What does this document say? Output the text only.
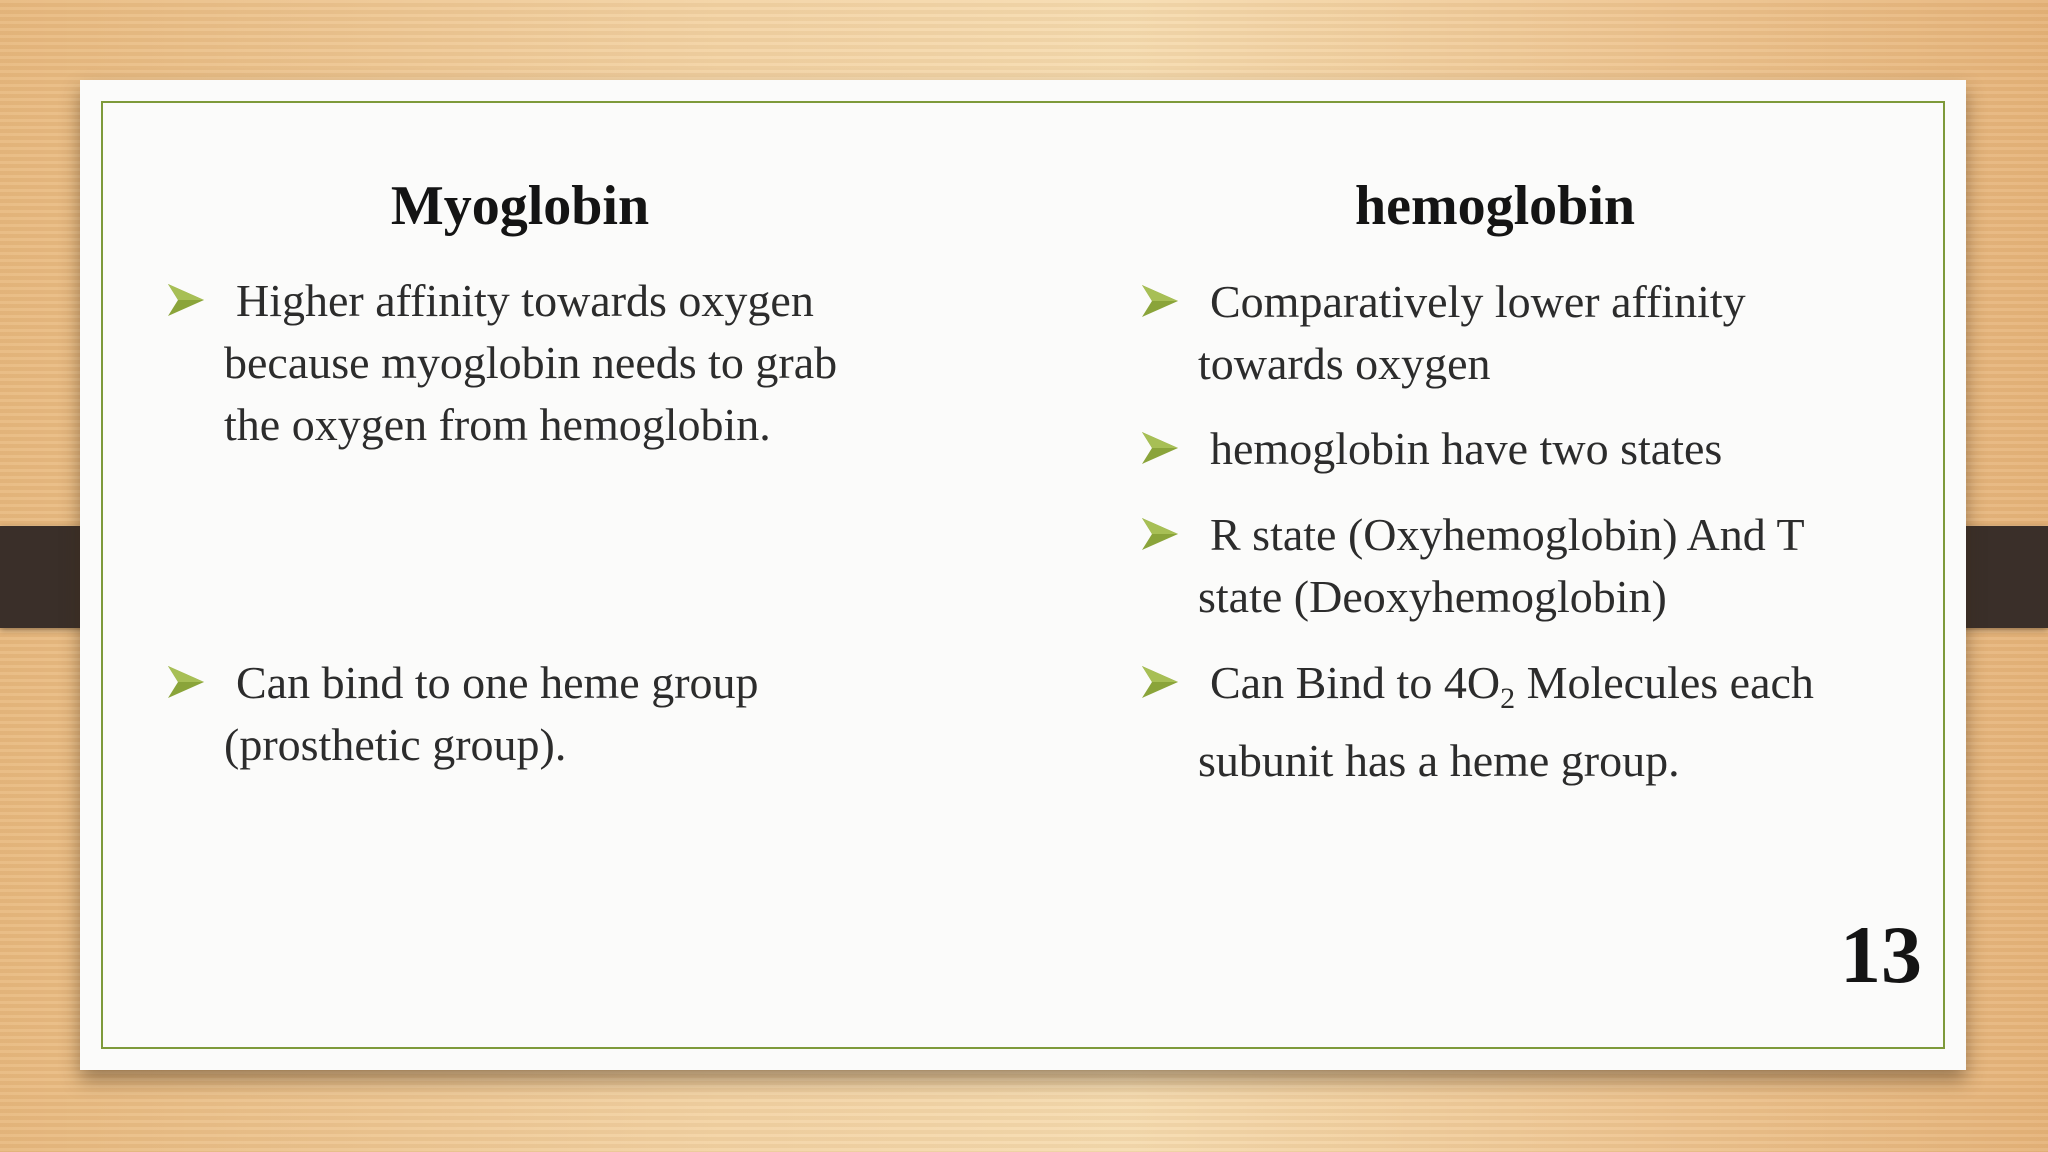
Myoglobin	hemoglobin
Higher affinity towards oxygen
because myoglobin needs to grab
the oxygen from hemoglobin.
Can bind to one heme group
(prosthetic group).
Comparatively lower affinity
towards oxygen
hemoglobin have two states
R state (Oxyhemoglobin) And T
state (Deoxyhemoglobin)
Can Bind to $4O_2$ Molecules each
subunit has a heme group.
13
